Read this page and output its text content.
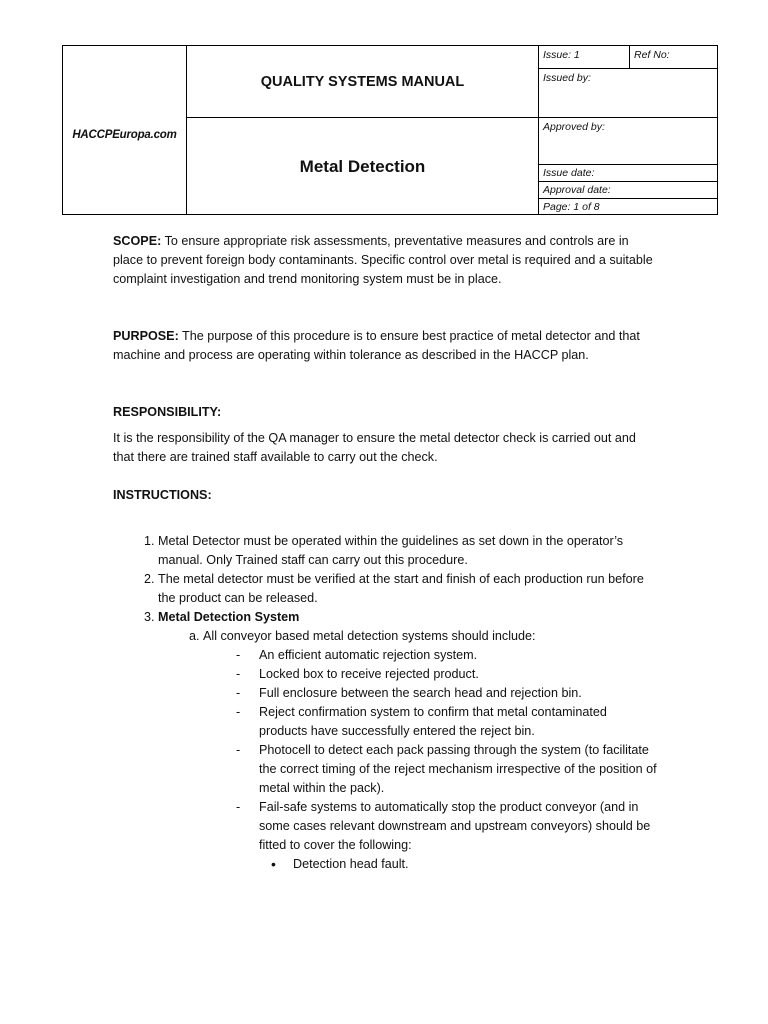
HACCPEuropa.com
QUALITY SYSTEMS MANUAL
Metal Detection
Issue: 1	Ref No:
Issued by:
Approved by:
Issue date:
Approval date:
Page: 1 of 8

SCOPE: To ensure appropriate risk assessments, preventative measures and controls are in place to prevent foreign body contaminants. Specific control over metal is required and a suitable complaint investigation and trend monitoring system must be in place.

PURPOSE: The purpose of this procedure is to ensure best practice of metal detector and that machine and process are operating within tolerance as described in the HACCP plan.

RESPONSIBILITY:

It is the responsibility of the QA manager to ensure the metal detector check is carried out and that there are trained staff available to carry out the check.

INSTRUCTIONS:

1. Metal Detector must be operated within the guidelines as set down in the operator’s manual. Only Trained staff can carry out this procedure.
2. The metal detector must be verified at the start and finish of each production run before the product can be released.
3. Metal Detection System
a. All conveyor based metal detection systems should include:
- An efficient automatic rejection system.
- Locked box to receive rejected product.
- Full enclosure between the search head and rejection bin.
- Reject confirmation system to confirm that metal contaminated products have successfully entered the reject bin.
- Photocell to detect each pack passing through the system (to facilitate the correct timing of the reject mechanism irrespective of the position of metal within the pack).
- Fail-safe systems to automatically stop the product conveyor (and in some cases relevant downstream and upstream conveyors) should be fitted to cover the following:
• Detection head fault.
